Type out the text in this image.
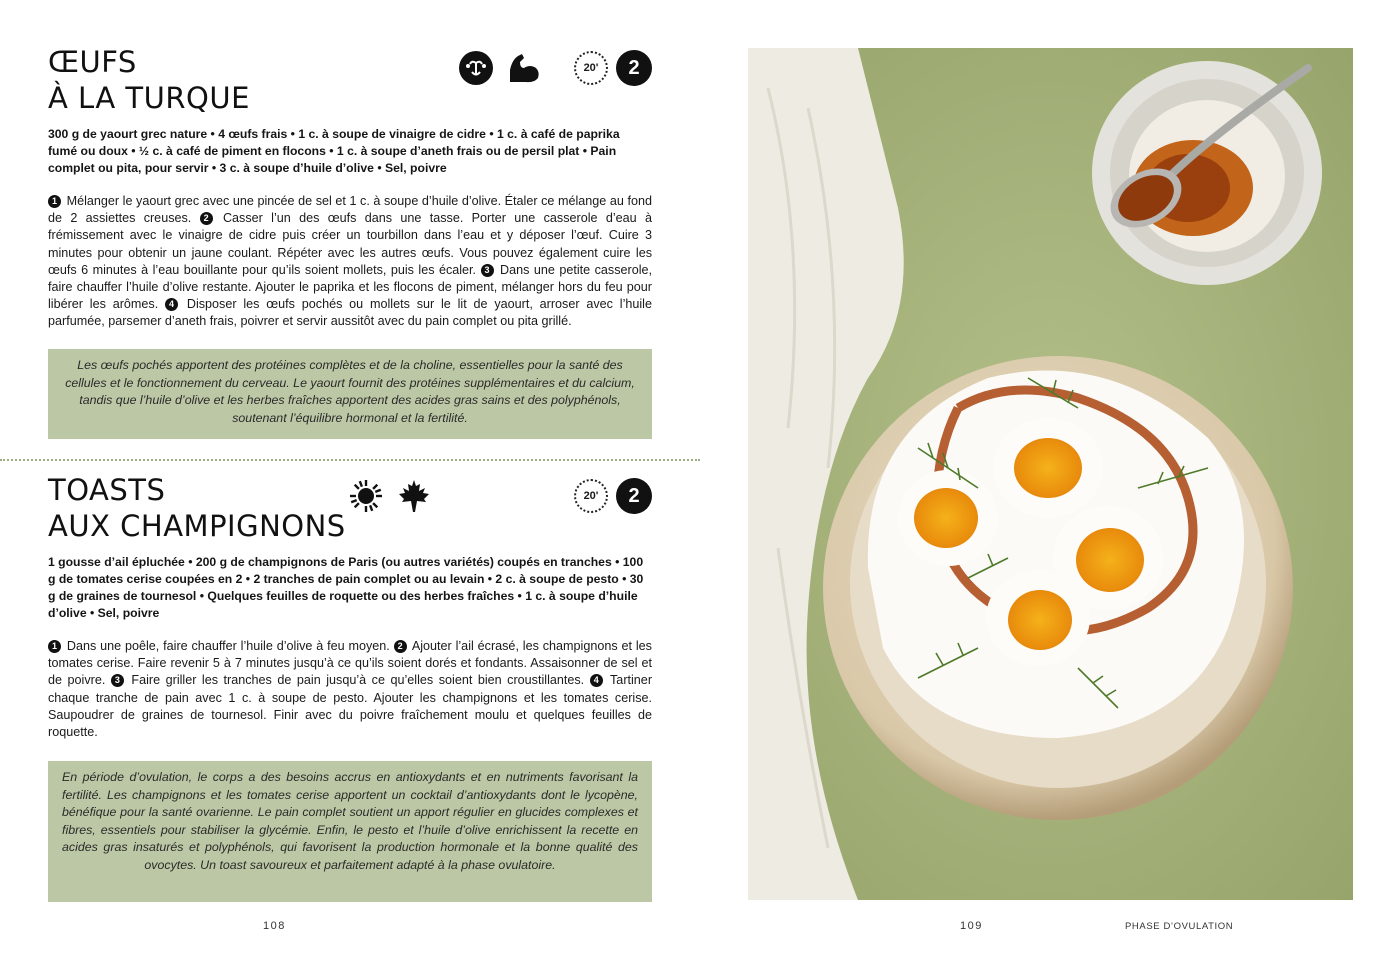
ŒUFS
À LA TURQUE
20'	2

300 g de yaourt grec nature • 4 œufs frais • 1 c. à soupe de vinaigre de cidre • 1 c. à café de paprika fumé ou doux • ½ c. à café de piment en flocons • 1 c. à soupe d’aneth frais ou de persil plat • Pain complet ou pita, pour servir • 3 c. à soupe d’huile d’olive • Sel, poivre

1 Mélanger le yaourt grec avec une pincée de sel et 1 c. à soupe d’huile d’olive. Étaler ce mélange au fond de 2 assiettes creuses. 2 Casser l’un des œufs dans une tasse. Porter une casserole d’eau à frémissement avec le vinaigre de cidre puis créer un tourbillon dans l’eau et y déposer l’œuf. Cuire 3 minutes pour obtenir un jaune coulant. Répéter avec les autres œufs. Vous pouvez également cuire les œufs 6 minutes à l’eau bouillante pour qu’ils soient mollets, puis les écaler. 3 Dans une petite casserole, faire chauffer l’huile d’olive restante. Ajouter le paprika et les flocons de piment, mélanger hors du feu pour libérer les arômes. 4 Disposer les œufs pochés ou mollets sur le lit de yaourt, arroser avec l’huile parfumée, parsemer d’aneth frais, poivrer et servir aussitôt avec du pain complet ou pita grillé.

Les œufs pochés apportent des protéines complètes et de la choline, essentielles pour la santé des cellules et le fonctionnement du cerveau. Le yaourt fournit des protéines supplémentaires et du calcium, tandis que l’huile d’olive et les herbes fraîches apportent des acides gras sains et des polyphénols, soutenant l’équilibre hormonal et la fertilité.
TOASTS
AUX CHAMPIGNONS
20'	2

1 gousse d’ail épluchée • 200 g de champignons de Paris (ou autres variétés) coupés en tranches • 100 g de tomates cerise coupées en 2 • 2 tranches de pain complet ou au levain • 2 c. à soupe de pesto • 30 g de graines de tournesol • Quelques feuilles de roquette ou des herbes fraîches • 1 c. à soupe d’huile d’olive • Sel, poivre

1 Dans une poêle, faire chauffer l’huile d’olive à feu moyen. 2 Ajouter l’ail écrasé, les champignons et les tomates cerise. Faire revenir 5 à 7 minutes jusqu’à ce qu’ils soient dorés et fondants. Assaisonner de sel et de poivre. 3 Faire griller les tranches de pain jusqu’à ce qu’elles soient bien croustillantes. 4 Tartiner chaque tranche de pain avec 1 c. à soupe de pesto. Ajouter les champignons et les tomates cerise. Saupoudrer de graines de tournesol. Finir avec du poivre fraîchement moulu et quelques feuilles de roquette.

En période d’ovulation, le corps a des besoins accrus en antioxydants et en nutriments favorisant la fertilité. Les champignons et les tomates cerise apportent un cocktail d’antioxydants dont le lycopène, bénéfique pour la santé ovarienne. Le pain complet soutient un apport régulier en glucides complexes et fibres, essentiels pour stabiliser la glycémie. Enfin, le pesto et l’huile d’olive enrichissent la recette en acides gras insaturés et polyphénols, qui favorisent la production hormonale et la bonne qualité des ovocytes. Un toast savoureux et parfaitement adapté à la phase ovulatoire.
108	109	PHASE D’OVULATION
